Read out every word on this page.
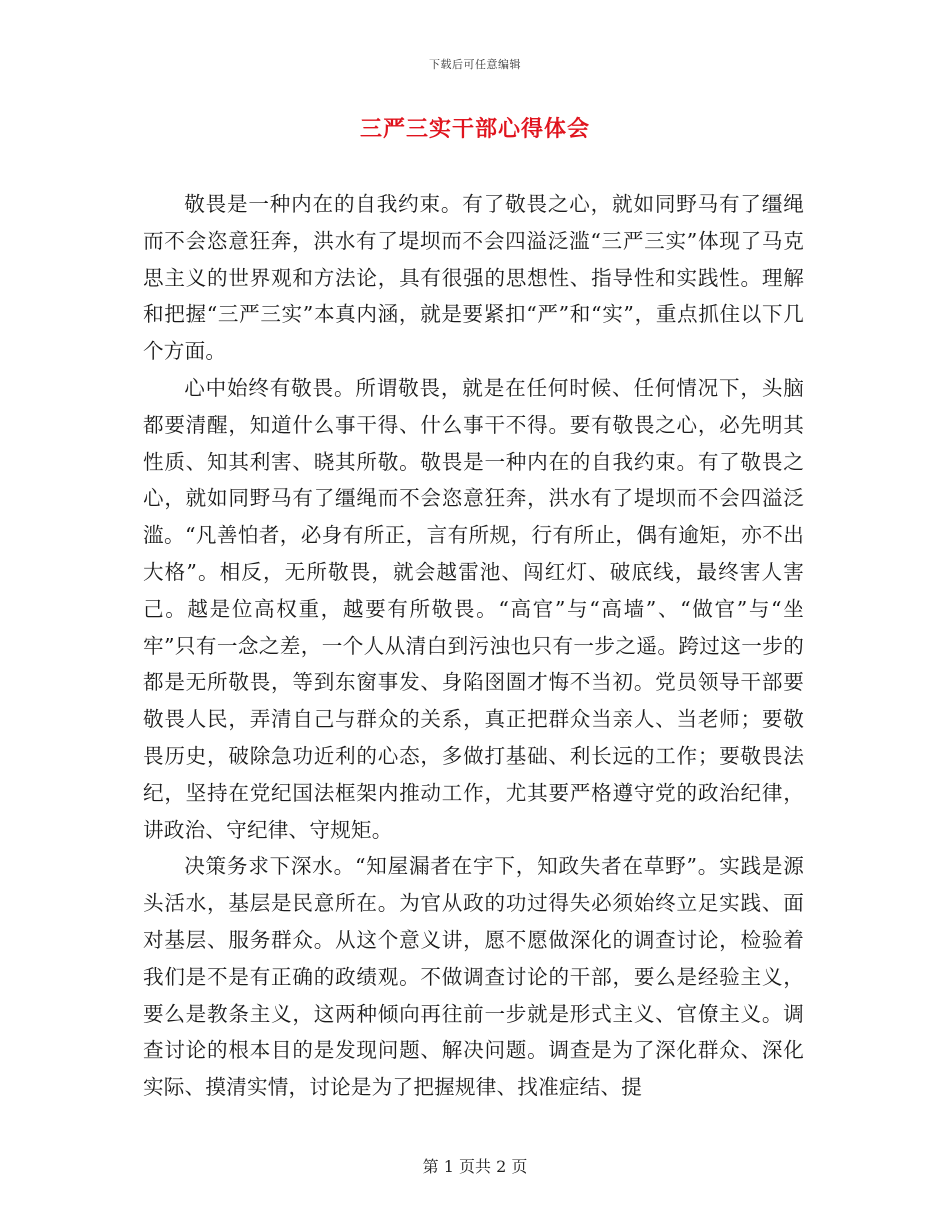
下载后可任意编辑
三严三实干部心得体会

敬畏是一种内在的自我约束。有了敬畏之心，就如同野马有了缰绳而不会恣意狂奔，洪水有了堤坝而不会四溢泛滥“三严三实”体现了马克思主义的世界观和方法论，具有很强的思想性、指导性和实践性。理解和把握“三严三实”本真内涵，就是要紧扣“严”和“实”，重点抓住以下几个方面。

心中始终有敬畏。所谓敬畏，就是在任何时候、任何情况下，头脑都要清醒，知道什么事干得、什么事干不得。要有敬畏之心，必先明其性质、知其利害、晓其所敬。敬畏是一种内在的自我约束。有了敬畏之心，就如同野马有了缰绳而不会恣意狂奔，洪水有了堤坝而不会四溢泛滥。“凡善怕者，必身有所正，言有所规，行有所止，偶有逾矩，亦不出大格”。相反，无所敬畏，就会越雷池、闯红灯、破底线，最终害人害己。越是位高权重，越要有所敬畏。“高官”与“高墙”、“做官”与“坐牢”只有一念之差，一个人从清白到污浊也只有一步之遥。跨过这一步的都是无所敬畏，等到东窗事发、身陷囹圄才悔不当初。党员领导干部要敬畏人民，弄清自己与群众的关系，真正把群众当亲人、当老师；要敬畏历史，破除急功近利的心态，多做打基础、利长远的工作；要敬畏法纪，坚持在党纪国法框架内推动工作，尤其要严格遵守党的政治纪律，讲政治、守纪律、守规矩。

决策务求下深水。“知屋漏者在宇下，知政失者在草野”。实践是源头活水，基层是民意所在。为官从政的功过得失必须始终立足实践、面对基层、服务群众。从这个意义讲，愿不愿做深化的调查讨论，检验着我们是不是有正确的政绩观。不做调查讨论的干部，要么是经验主义，要么是教条主义，这两种倾向再往前一步就是形式主义、官僚主义。调查讨论的根本目的是发现问题、解决问题。调查是为了深化群众、深化实际、摸清实情，讨论是为了把握规律、找准症结、提

第 1 页共 2 页
